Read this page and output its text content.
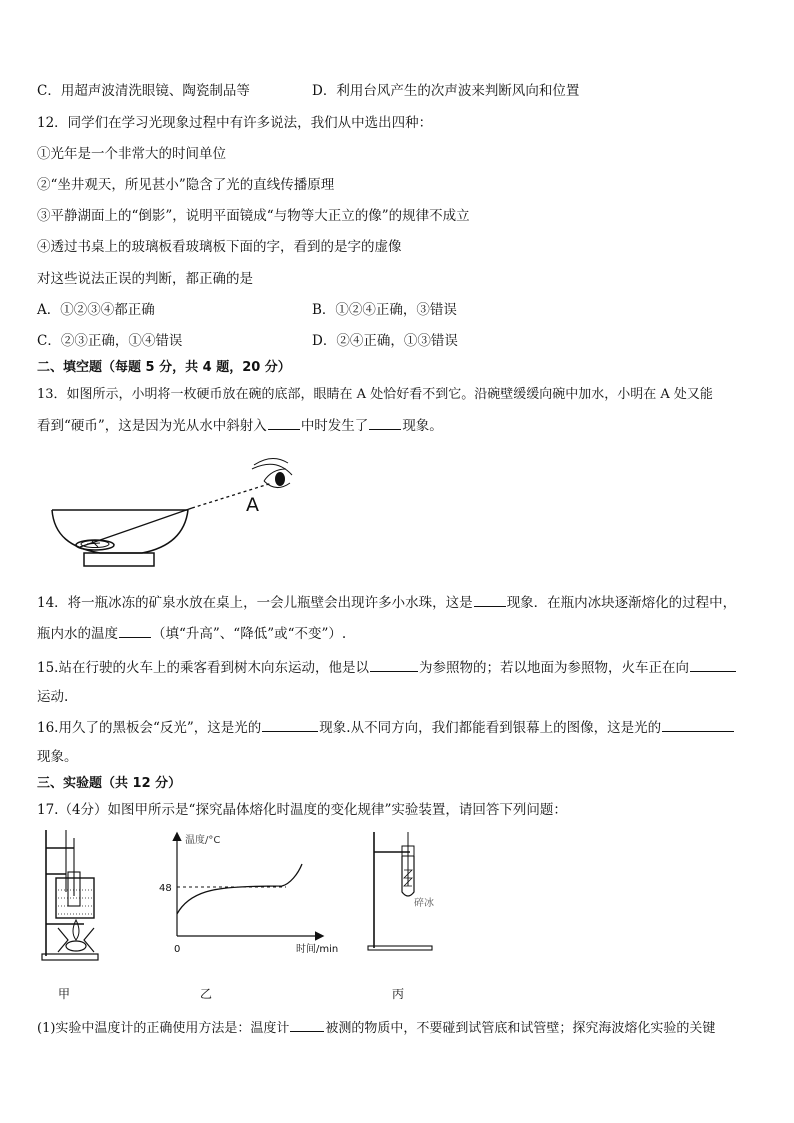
C．用超声波清洗眼镜、陶瓷制品等	D．利用台风产生的次声波来判断风向和位置
12．同学们在学习光现象过程中有许多说法，我们从中选出四种：
①光年是一个非常大的时间单位
②“坐井观天，所见甚小”隐含了光的直线传播原理
③平静湖面上的“倒影”，说明平面镜成“与物等大正立的像”的规律不成立
④透过书桌上的玻璃板看玻璃板下面的字，看到的是字的虚像
对这些说法正误的判断，都正确的是
A．①②③④都正确	B．①②④正确，③错误
C．②③正确，①④错误	D．②④正确，①③错误
二、填空题（每题 5 分，共 4 题，20 分）
13．如图所示，小明将一枚硬币放在碗的底部，眼睛在 A 处恰好看不到它。沿碗壁缓缓向碗中加水，小明在 A 处又能
看到“硬币”，这是因为光从水中斜射入	中时发生了	现象。
A
14．将一瓶冰冻的矿泉水放在桌上，一会儿瓶壁会出现许多小水珠，这是	现象．在瓶内冰块逐渐熔化的过程中，
瓶内水的温度	（填“升高”、“降低”或“不变”）.
15.站在行驶的火车上的乘客看到树木向东运动，他是以	为参照物的；若以地面为参照物，火车正在向
运动.
16.用久了的黑板会“反光”，这是光的	现象.从不同方向，我们都能看到银幕上的图像，这是光的
现象。
三、实验题（共 12 分）
17.（4分）如图甲所示是“探究晶体熔化时温度的变化规律”实验装置，请回答下列问题：
甲
温度/°C
48
0	时间/min
乙
碎冰
丙
(1)实验中温度计的正确使用方法是：温度计	被测的物质中，不要碰到试管底和试管壁；探究海波熔化实验的关键
